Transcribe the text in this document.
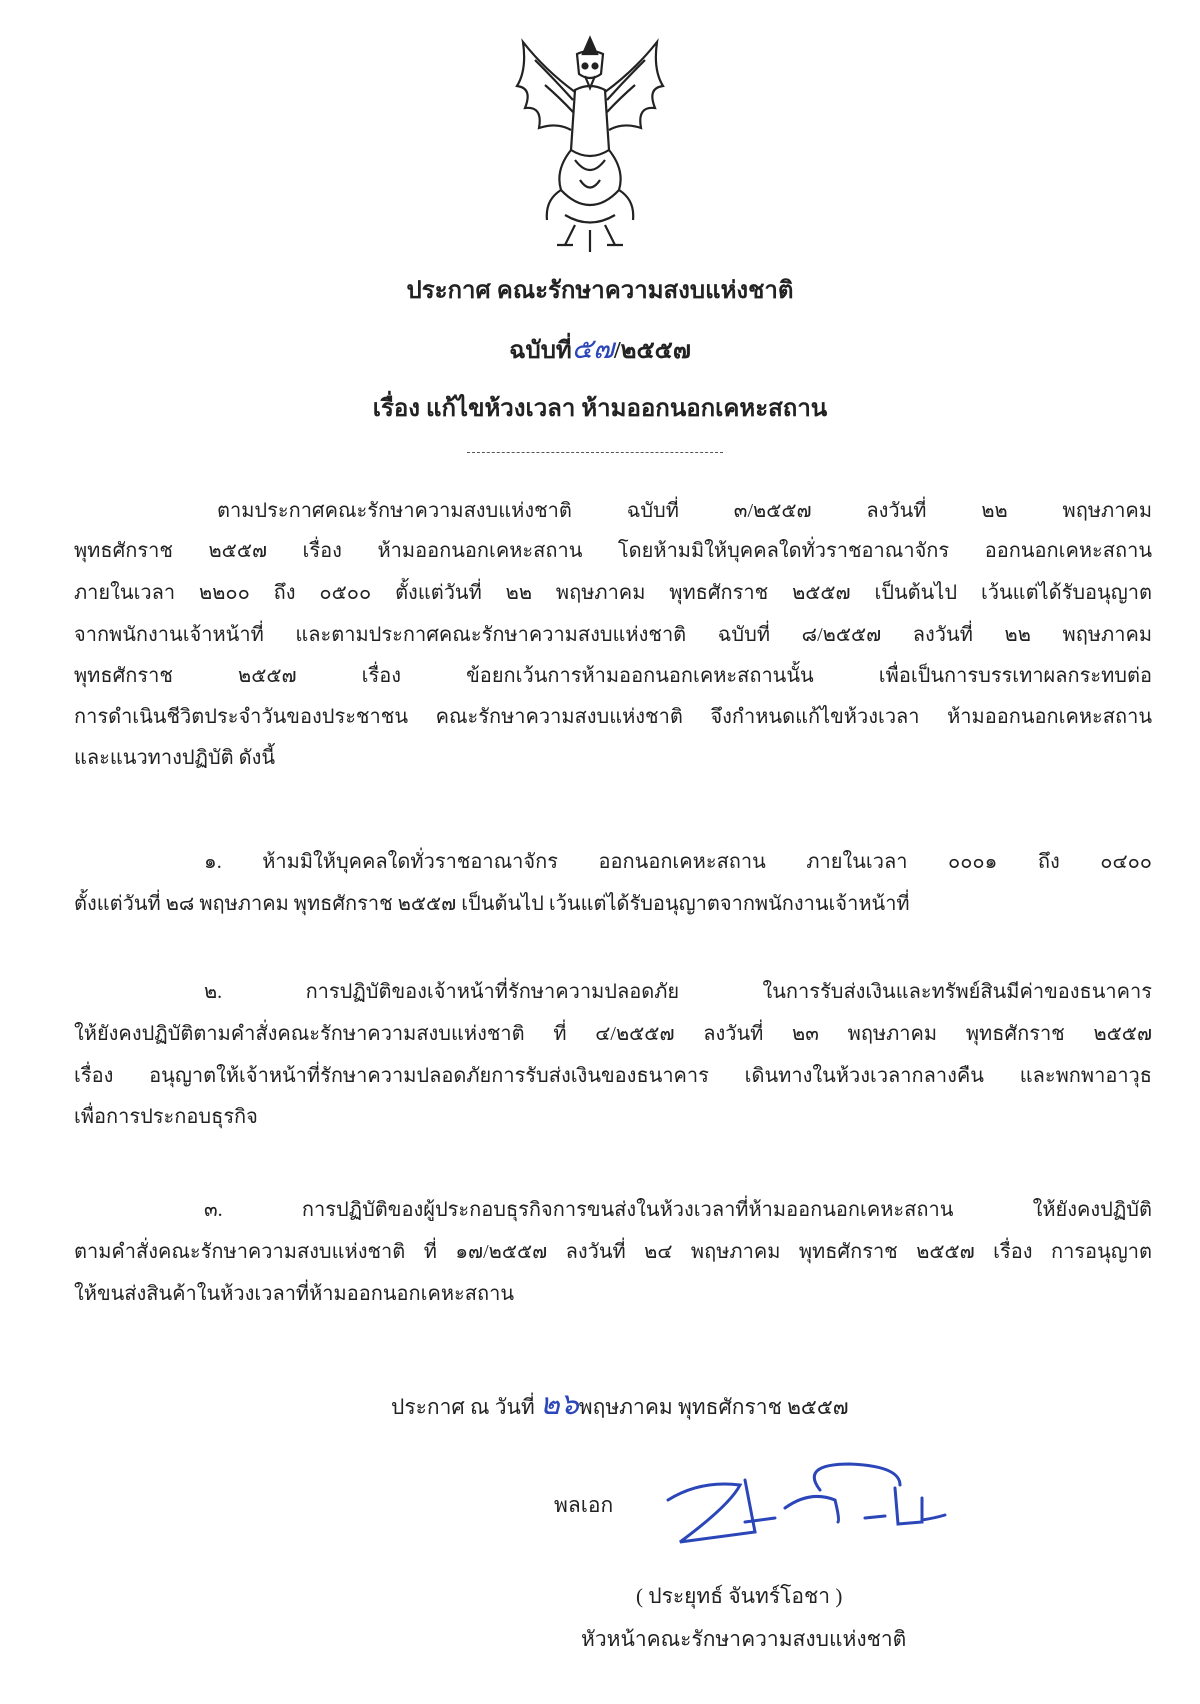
ประกาศ คณะรักษาความสงบแห่งชาติ
ฉบับที่๕๗/๒๕๕๗
เรื่อง แก้ไขห้วงเวลา ห้ามออกนอกเคหะสถาน
ตามประกาศคณะรักษาความสงบแห่งชาติ ฉบับที่ ๓/๒๕๕๗ ลงวันที่ ๒๒ พฤษภาคม
พุทธศักราช ๒๕๕๗ เรื่อง ห้ามออกนอกเคหะสถาน โดยห้ามมิให้บุคคลใดทั่วราชอาณาจักร ออกนอกเคหะสถาน
ภายในเวลา ๒๒๐๐ ถึง ๐๕๐๐ ตั้งแต่วันที่ ๒๒ พฤษภาคม พุทธศักราช ๒๕๕๗ เป็นต้นไป เว้นแต่ได้รับอนุญาต
จากพนักงานเจ้าหน้าที่ และตามประกาศคณะรักษาความสงบแห่งชาติ ฉบับที่ ๘/๒๕๕๗ ลงวันที่ ๒๒ พฤษภาคม
พุทธศักราช ๒๕๕๗ เรื่อง ข้อยกเว้นการห้ามออกนอกเคหะสถานนั้น เพื่อเป็นการบรรเทาผลกระทบต่อ
การดำเนินชีวิตประจำวันของประชาชน คณะรักษาความสงบแห่งชาติ จึงกำหนดแก้ไขห้วงเวลา ห้ามออกนอกเคหะสถาน
และแนวทางปฏิบัติ ดังนี้
๑. ห้ามมิให้บุคคลใดทั่วราชอาณาจักร ออกนอกเคหะสถาน ภายในเวลา ๐๐๐๑ ถึง ๐๔๐๐
ตั้งแต่วันที่ ๒๘ พฤษภาคม พุทธศักราช ๒๕๕๗ เป็นต้นไป เว้นแต่ได้รับอนุญาตจากพนักงานเจ้าหน้าที่
๒. การปฏิบัติของเจ้าหน้าที่รักษาความปลอดภัย ในการรับส่งเงินและทรัพย์สินมีค่าของธนาคาร
ให้ยังคงปฏิบัติตามคำสั่งคณะรักษาความสงบแห่งชาติ ที่ ๔/๒๕๕๗ ลงวันที่ ๒๓ พฤษภาคม พุทธศักราช ๒๕๕๗
เรื่อง อนุญาตให้เจ้าหน้าที่รักษาความปลอดภัยการรับส่งเงินของธนาคาร เดินทางในห้วงเวลากลางคืน และพกพาอาวุธ
เพื่อการประกอบธุรกิจ
๓. การปฏิบัติของผู้ประกอบธุรกิจการขนส่งในห้วงเวลาที่ห้ามออกนอกเคหะสถาน ให้ยังคงปฏิบัติ
ตามคำสั่งคณะรักษาความสงบแห่งชาติ ที่ ๑๗/๒๕๕๗ ลงวันที่ ๒๔ พฤษภาคม พุทธศักราช ๒๕๕๗ เรื่อง การอนุญาต
ให้ขนส่งสินค้าในห้วงเวลาที่ห้ามออกนอกเคหะสถาน
ประกาศ ณ วันที่ ๒๖พฤษภาคม พุทธศักราช ๒๕๕๗
พลเอก
( ประยุทธ์ จันทร์โอชา )
หัวหน้าคณะรักษาความสงบแห่งชาติ
